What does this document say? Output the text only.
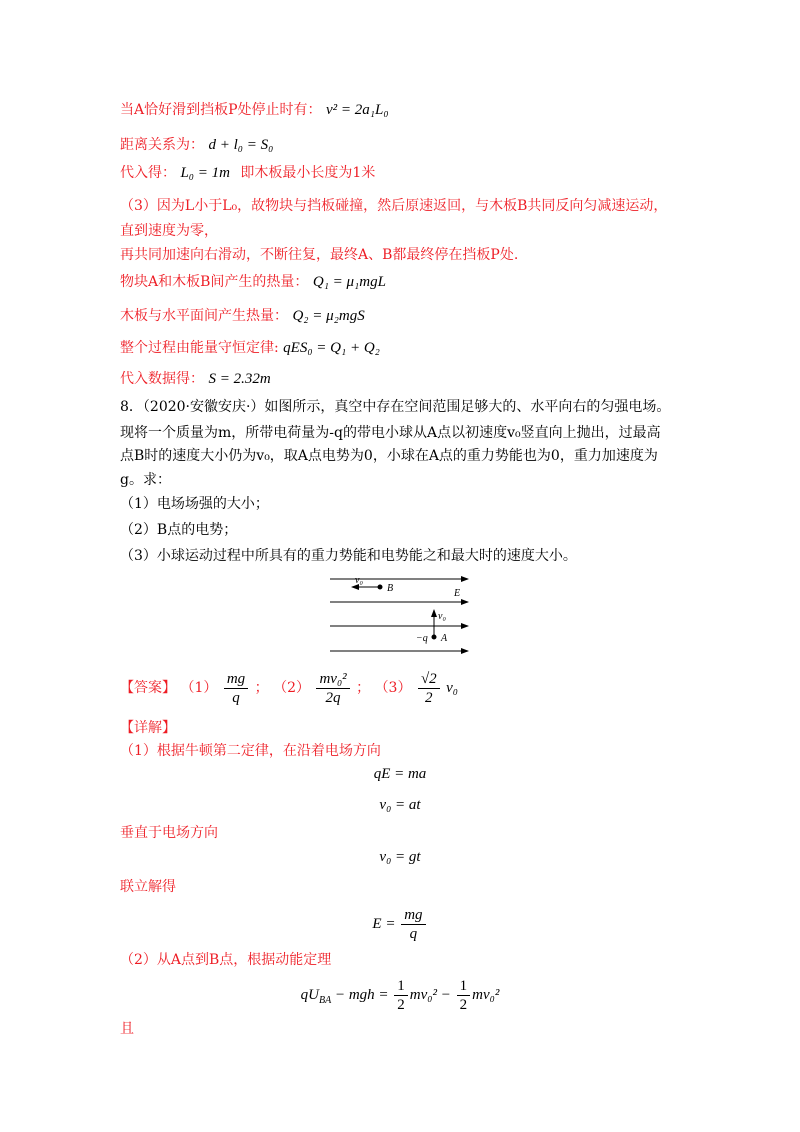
当A恰好滑到挡板P处停止时有： v² = 2a₁L₀
距离关系为： d + l₀ = S₀
代入得： L₀ = 1m 即木板最小长度为1米
（3）因为L小于L₀，故物块与挡板碰撞，然后原速返回，与木板B共同反向匀减速运动，
直到速度为零，
再共同加速向右滑动，不断往复，最终A、B都最终停在挡板P处.
物块A和木板B间产生的热量： Q₁ = μ₁mgL
木板与水平面间产生热量： Q₂ = μ₂mgS
整个过程由能量守恒定律: qES₀ = Q₁ + Q₂
代入数据得： S = 2.32m
8．（2020·安徽安庆·）如图所示，真空中存在空间范围足够大的、水平向右的匀强电场。
现将一个质量为m，所带电荷量为-q的带电小球从A点以初速度v₀竖直向上抛出，过最高
点B时的速度大小仍为v₀，取A点电势为0，小球在A点的重力势能也为0，重力加速度为
g。求：
（1）电场场强的大小；
（2）B点的电势；
（3）小球运动过程中所具有的重力势能和电势能之和最大时的速度大小。
v₀
B	E
v₀
−q A
【答案】 $(1) \frac{mg}{q}$ ； $(2) \frac{\text{mv₀²}}{2q}$ ； $(3) \frac{√2}{2} v_0$
【详解】
（1）根据牛顿第二定律，在沿着电场方向
qE = ma
v₀ = at
垂直于电场方向
v₀ = gt
联立解得
$E = \frac{mg}{q}$
（2）从A点到B点，根据动能定理
$qU_{BA}$ − mgh = $\frac{1}{2} mv_0^2 - \frac{1}{2} mv_0^2$
且
